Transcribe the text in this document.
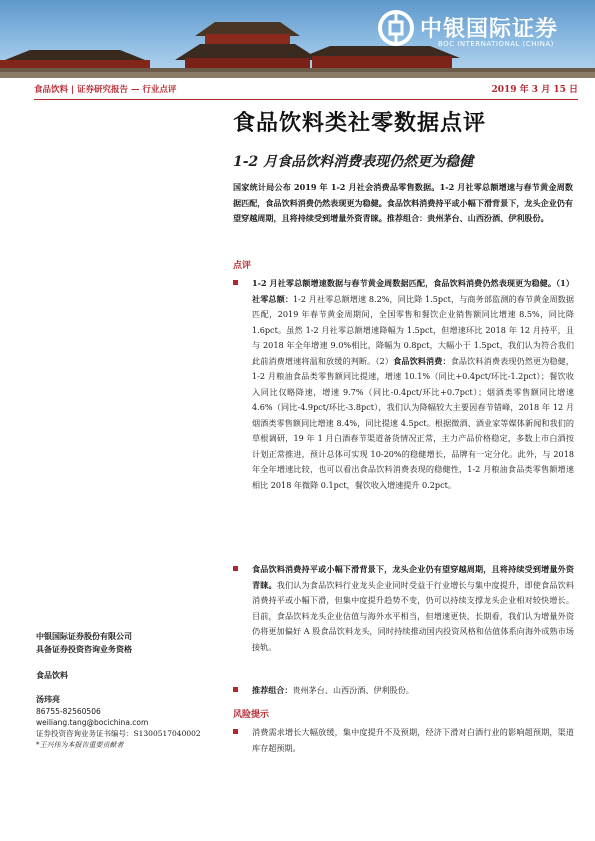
中银国际证券
BOC INTERNATIONAL (CHINA)
食品饮料 | 证券研究报告 — 行业点评	2019 年 3 月 15 日
食品饮料类社零数据点评
1-2 月食品饮料消费表现仍然更为稳健
国家统计局公布 2019 年 1-2 月社会消费品零售数据。1-2 月社零总额增速与春节黄金周数据匹配，食品饮料消费仍然表现更为稳健。食品饮料消费持平或小幅下滑背景下，龙头企业仍有望穿越周期，且将持续受到增量外资青睐。推荐组合：贵州茅台、山西汾酒、伊利股份。
点评
1-2 月社零总额增速数据与春节黄金周数据匹配，食品饮料消费仍然表现更为稳健。（1）社零总额：1-2 月社零总额增速 8.2%，同比降 1.5pct，与商务部监测的春节黄金周数据匹配，2019 年春节黄金周期间，全国零售和餐饮企业销售额同比增速 8.5%，同比降 1.6pct。虽然 1-2 月社零总额增速降幅为 1.5pct，但增速环比 2018 年 12 月持平，且与 2018 年全年增速 9.0%相比，降幅为 0.8pct，大幅小于 1.5pct，我们认为符合我们此前消费增速将温和放缓的判断。（2）食品饮料消费：食品饮料消费表现仍然更为稳健，1-2 月粮油食品类零售额同比提速，增速 10.1%（同比+0.4pct/环比-1.2pct）；餐饮收入同比仅略降速，增速 9.7%（同比-0.4pct/环比+0.7pct）；烟酒类零售额同比增速 4.6%（同比-4.9pct/环比-3.8pct），我们认为降幅较大主要因春节错峰，2018 年 12 月烟酒类零售额同比增速 8.4%，同比提速 4.5pct。根据微酒、酒业家等媒体新闻和我们的草根调研，19 年 1 月白酒春节渠道备货情况正常，主力产品价格稳定，多数上市白酒按计划正常推进，预计总体可实现 10-20%的稳健增长，品牌有一定分化。此外，与 2018 年全年增速比较，也可以看出食品饮料消费表现的稳健性，1-2 月粮油食品类零售额增速相比 2018 年微降 0.1pct，餐饮收入增速提升 0.2pct。
食品饮料消费持平或小幅下滑背景下，龙头企业仍有望穿越周期，且将持续受到增量外资青睐。我们认为食品饮料行业龙头企业同时受益于行业增长与集中度提升，即使食品饮料消费持平或小幅下滑，但集中度提升趋势不变，仍可以持续支撑龙头企业相对较快增长。目前，食品饮料龙头企业估值与海外水平相当，但增速更快，长期看，我们认为增量外资仍将更加偏好 A 股食品饮料龙头，同时持续推动国内投资风格和估值体系向海外成熟市场接轨。
推荐组合：贵州茅台、山西汾酒、伊利股份。
风险提示
消费需求增长大幅放缓，集中度提升不及预期，经济下滑对白酒行业的影响超预期，渠道库存超预期。
中银国际证券股份有限公司
具备证券投资咨询业务资格
食品饮料
汤玮亮
86755-82560506
weiliang.tang@bocichina.com
证券投资咨询业务证书编号：S1300517040002
*王兴伟为本报告重要贡献者
